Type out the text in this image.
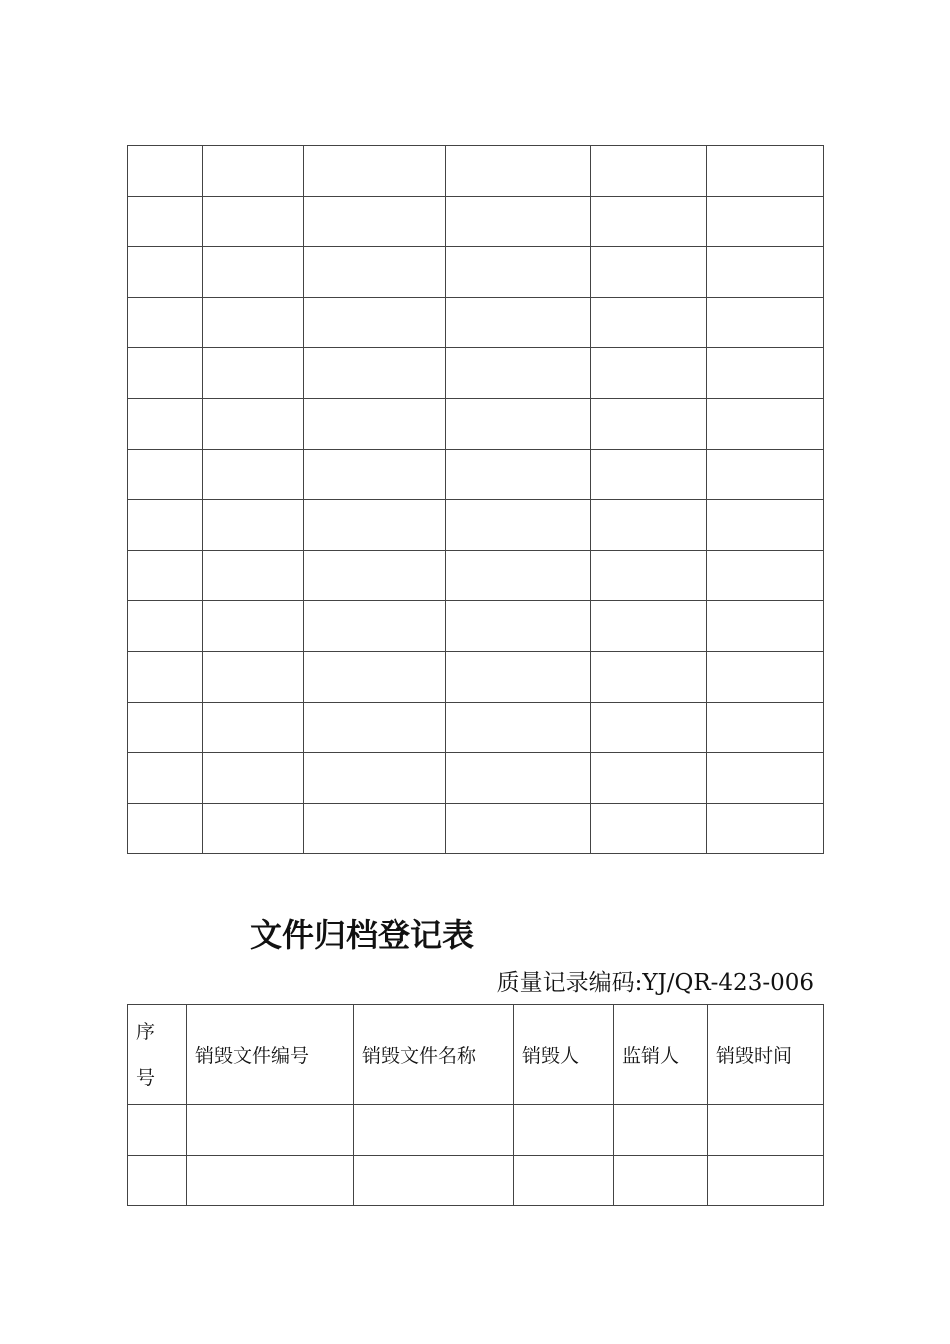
文件归档登记表
质量记录编码:YJ/QR-423-006
序
号	销毁文件编号	销毁文件名称	销毁人	监销人	销毁时间
